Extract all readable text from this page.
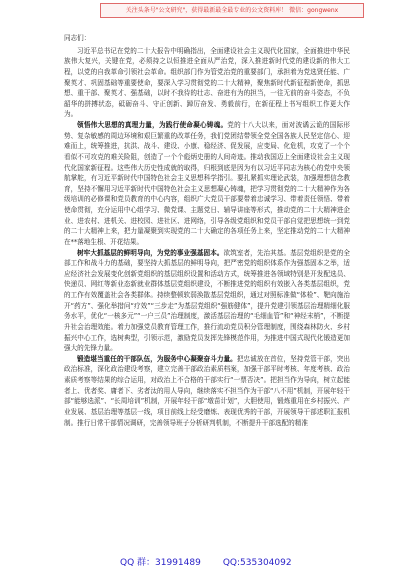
关注头条号"公文研究"，获得最新最全最专业的公文资料库！ 微信：gongwenx

同志们：

习近平总书记在党的二十大报告中明确指出，全面建设社会主义现代化国家，全面推进中华民族伟大复兴，关键在党，必须持之以恒推进全面从严治党，深入推进新时代党的建设新的伟大工程，以党的自我革命引领社会革命。组织部门作为管党治党的重要部门，承担着为党选贤任能、广聚英才、巩固基础等重要使命，要深入学习贯彻党的二十大精神，聚焦新时代新征程新使命，抓思想、重干部、聚英才、强基础，以时不我待的壮志、奋进有为的担当，一往无前的奋斗姿态，不负韶华的拼搏状态，砥砺奋斗、守正创新、踔厉奋发、勇毅前行，在新征程上书写组织工作更大作为。

领悟伟大思想的真理力量，为践行使命凝心铸魂。党的十八大以来，面对波谲云诡的国际形势、复杂敏感的周边环境和艰巨繁重的改革任务，我们党团结带领全党全国各族人民坚定信心、迎难而上，统筹推进，抗洪、战斗、建设、小康、稳经济、促发展，应变局、化危机，攻克了一个个看似不可攻克的难关险阻，创造了一个个彪炳史册的人间奇迹。推动我国迈上全面建设社会主义现代化国家新征程。这些伟大历史性成就的取得，归根到底是因为有以习近平同志为核心的党中央领航掌舵，有习近平新时代中国特色社会主义思想科学指引。要扎紧抓实理论武装，加强理想信念教育，坚持不懈用习近平新时代中国特色社会主义思想凝心铸魂，把学习贯彻党的二十大精神作为各级培训的必修课和党员教育的中心内容，组织广大党员干部要带着忠诚学习、带着责任领悟、带着使命贯彻，充分运用中心组学习、微党课、主题党日、辅导讲座等形式，推动党的二十大精神进企业、进农村、进机关、进校园、进社区、进网络，引导各级党组织和党员干部自觉把思想统一到党的二十大精神上来，把力量凝聚到实现党的二十大确定的各项任务上来，坚定推动党的二十大精神在**落地生根、开花结果。

树牢大抓基层的鲜明导向，为党的事业强基固本。欲筑室者，先治其基。基层党组织是党的全部工作和战斗力的基础，要坚持大抓基层的鲜明导向，把严密党的组织体系作为强基固本之举，适应经济社会发展变化创新党组织的基层组织设置和活动方式，统筹推进各领域特别是开发配选员、快递员、网红等新业态新就业群体基层党组织建设，不断推进党的组织有效嵌入各类基层组织，党的工作有效覆盖社会各类群体。持续整顿软弱涣散基层党组织，通过对照标准做“体检”、靶向施治开“药方”、强化举措问“疗效”“三步走”为基层党组织“强筋健体”，提升党建引领基层治理精细化服务水平，优化“一核多元”“一户三员”治理制度，激活基层治理的“毛细血管”和“神经末梢”，不断提升社会治理效能。着力加强党员教育管理工作，推行流动党员积分管理制度，围绕森林防火、乡村振兴中心工作，选树典型，引领示范，激励党员发挥先锋模范作用，为推进中国式现代化锻造更加强大的先锋力量。

锻造堪当重任的干部队伍，为服务中心凝聚奋斗力量。把忠诚放在首位，坚持党管干部，突出政治标准，深化政治建设考察，建立完善干部政治素质档案，加强干部平时考核、年度考核、政治素质考察等结果的综合运用，对政治上不合格的干部实行“一票否决”。把担当作为导向，树立起能者上、优者奖、庸者下、劣者汰的用人导向，继续落实不担当作为干部“八不用”机制，开展年轻干部“能够选派”、“长周培训”机制，开展年轻干部“墩苗计划”，大胆使用，锻炼重用在乡村振兴、产业发展、基层治理等基层一线，项目前线上经受磨炼、表现优秀的干部，开展领导干部述职汇报机制。推行日常干部情况调研，完善领导班子分析研判机制，不断提升干部选配的精准

QQ 群：31991489 QQ:535304092
